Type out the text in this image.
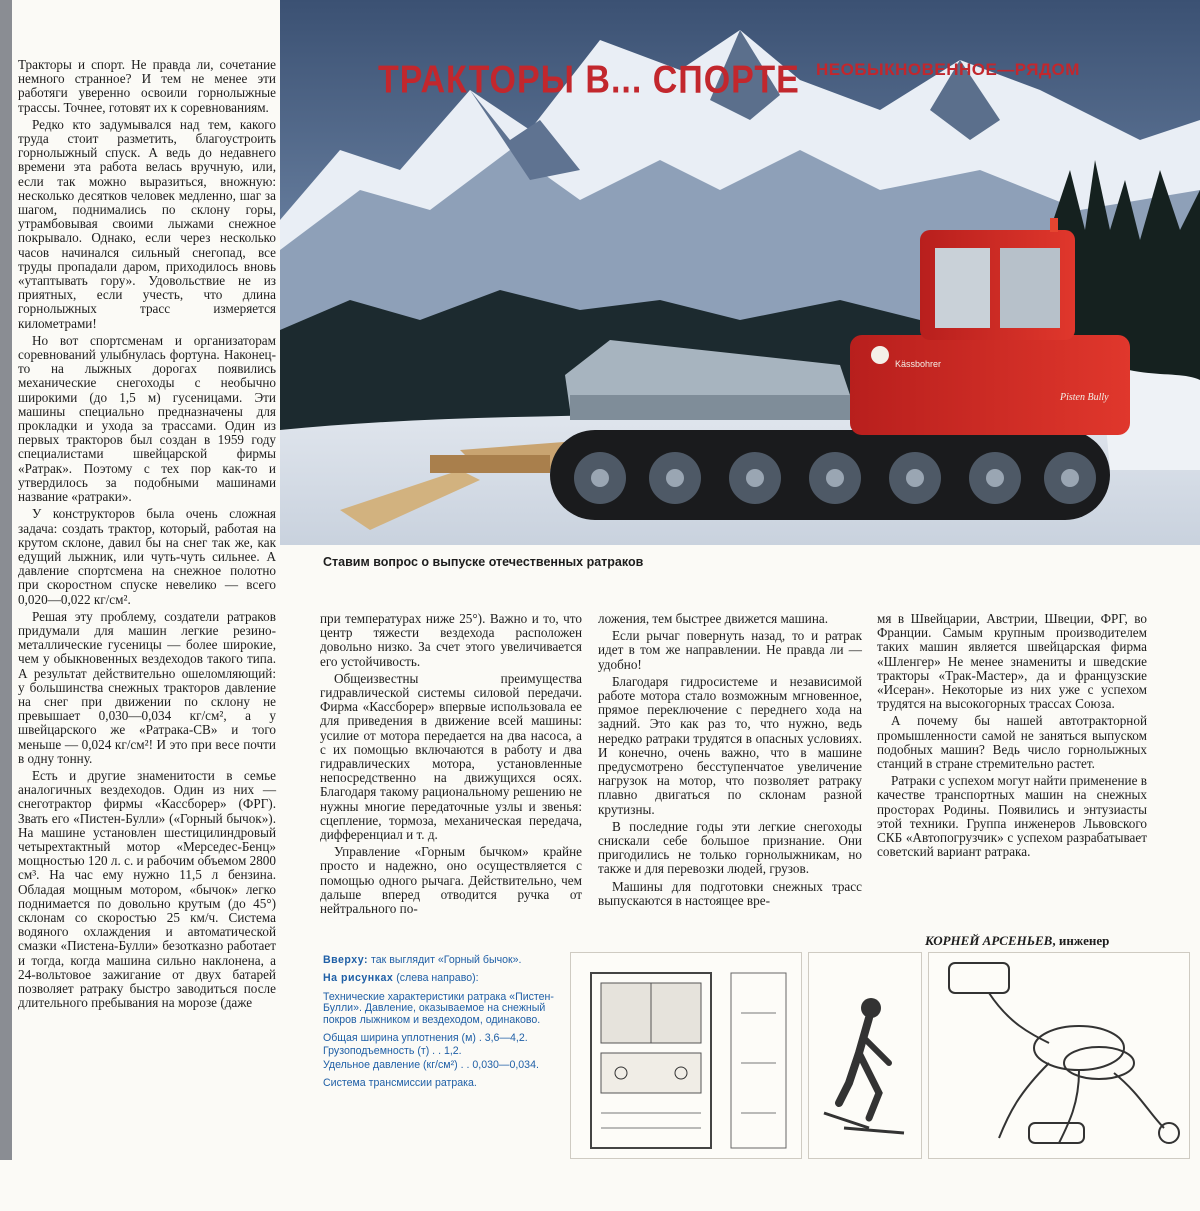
Тракторы и спорт. Не правда ли, сочетание немного странное? И тем не менее эти работяги уверенно освоили горнолыжные трассы. Точнее, готовят их к соревнованиям.

Редко кто задумывался над тем, какого труда стоит разметить, благоустроить горнолыжный спуск. А ведь до недавнего времени эта работа велась вручную, или, если так можно выразиться, вножную: несколько десятков человек медленно, шаг за шагом, поднимались по склону горы, утрамбовывая своими лыжами снежное покрывало. Однако, если через несколько часов начинался сильный снегопад, все труды пропадали даром, приходилось вновь «утаптывать гору». Удовольствие не из приятных, если учесть, что длина горнолыжных трасс измеряется километрами!

Но вот спортсменам и организаторам соревнований улыбнулась фортуна. Наконец-то на лыжных дорогах появились механические снегоходы с необычно широкими (до 1,5 м) гусеницами. Эти машины специально предназначены для прокладки и ухода за трассами. Один из первых тракторов был создан в 1959 году специалистами швейцарской фирмы «Ратрак». Поэтому с тех пор как-то и утвердилось за подобными машинами название «ратраки».

У конструкторов была очень сложная задача: создать трактор, который, работая на крутом склоне, давил бы на снег так же, как едущий лыжник, или чуть-чуть сильнее. А давление спортсмена на снежное полотно при скоростном спуске невелико — всего 0,020—0,022 кг/см².

Решая эту проблему, создатели ратраков придумали для машин легкие резино-металлические гусеницы — более широкие, чем у обыкновенных вездеходов такого типа. А результат действительно ошеломляющий: у большинства снежных тракторов давление на снег при движении по склону не превышает 0,030—0,034 кг/см², а у швейцарского же «Ратрака-СВ» и того меньше — 0,024 кг/см²! И это при весе почти в одну тонну.

Есть и другие знаменитости в семье аналогичных вездеходов. Один из них — снеготрактор фирмы «Кассборер» (ФРГ). Звать его «Пистен-Булли» («Горный бычок»). На машине установлен шестицилиндровый четырехтактный мотор «Мерседес-Бенц» мощностью 120 л. с. и рабочим объемом 2800 см³. На час ему нужно 11,5 л бензина. Обладая мощным мотором, «бычок» легко поднимается по довольно крутым (до 45°) склонам со скоростью 25 км/ч. Система водяного охлаждения и автоматической смазки «Пистена-Булли» безотказно работает и тогда, когда машина сильно наклонена, а 24-вольтовое зажигание от двух батарей позволяет ратраку быстро заводиться после длительного пребывания на морозе (даже

Kässbohrer
Pisten Bully
ТРАКТОРЫ В... СПОРТЕ НЕОБЫКНОВЕННОЕ—РЯДОМ
Ставим вопрос о выпуске отечественных ратраков

при температурах ниже 25°). Важно и то, что центр тяжести вездехода расположен довольно низко. За счет этого увеличивается его устойчивость.

Общеизвестны преимущества гидравлической системы силовой передачи. Фирма «Кассборер» впервые использовала ее для приведения в движение всей машины: усилие от мотора передается на два насоса, а с их помощью включаются в работу и два гидравлических мотора, установленные непосредственно на движущихся осях. Благодаря такому рациональному решению не нужны многие передаточные узлы и звенья: сцепление, тормоза, механическая передача, дифференциал и т. д.

Управление «Горным бычком» крайне просто и надежно, оно осуществляется с помощью одного рычага. Действительно, чем дальше вперед отводится ручка от нейтрального по-

ложения, тем быстрее движется машина.

Если рычаг повернуть назад, то и ратрак идет в том же направлении. Не правда ли — удобно!

Благодаря гидросистеме и независимой работе мотора стало возможным мгновенное, прямое переключение с переднего хода на задний. Это как раз то, что нужно, ведь нередко ратраки трудятся в опасных условиях. И конечно, очень важно, что в машине предусмотрено бесступенчатое увеличение нагрузок на мотор, что позволяет ратраку плавно двигаться по склонам разной крутизны.

В последние годы эти легкие снегоходы снискали себе большое признание. Они пригодились не только горнолыжникам, но также и для перевозки людей, грузов.

Машины для подготовки снежных трасс выпускаются в настоящее вре-

мя в Швейцарии, Австрии, Швеции, ФРГ, во Франции. Самым крупным производителем таких машин является швейцарская фирма «Шленгер» Не менее знамениты и шведские тракторы «Трак-Мастер», да и французские «Исеран». Некоторые из них уже с успехом трудятся на высокогорных трассах Союза.

А почему бы нашей автотракторной промышленности самой не заняться выпуском подобных машин? Ведь число горнолыжных станций в стране стремительно растет.

Ратраки с успехом могут найти применение в качестве транспортных машин на снежных просторах Родины. Появились и энтузиасты этой техники. Группа инженеров Львовского СКБ «Автопогрузчик» с успехом разрабатывает советский вариант ратрака.

КОРНЕЙ АРСЕНЬЕВ, инженер

Вверху: так выглядит «Горный бычок».

На рисунках (слева направо):

Технические характеристики ратрака «Пистен-Булли». Давление, оказываемое на снежный покров лыжником и вездеходом, одинаково.

Общая ширина уплотнения (м) . 3,6—4,2.

Грузоподъемность (т) . . 1,2.

Удельное давление (кг/см²) . . 0,030—0,034.

Система трансмиссии ратрака.
